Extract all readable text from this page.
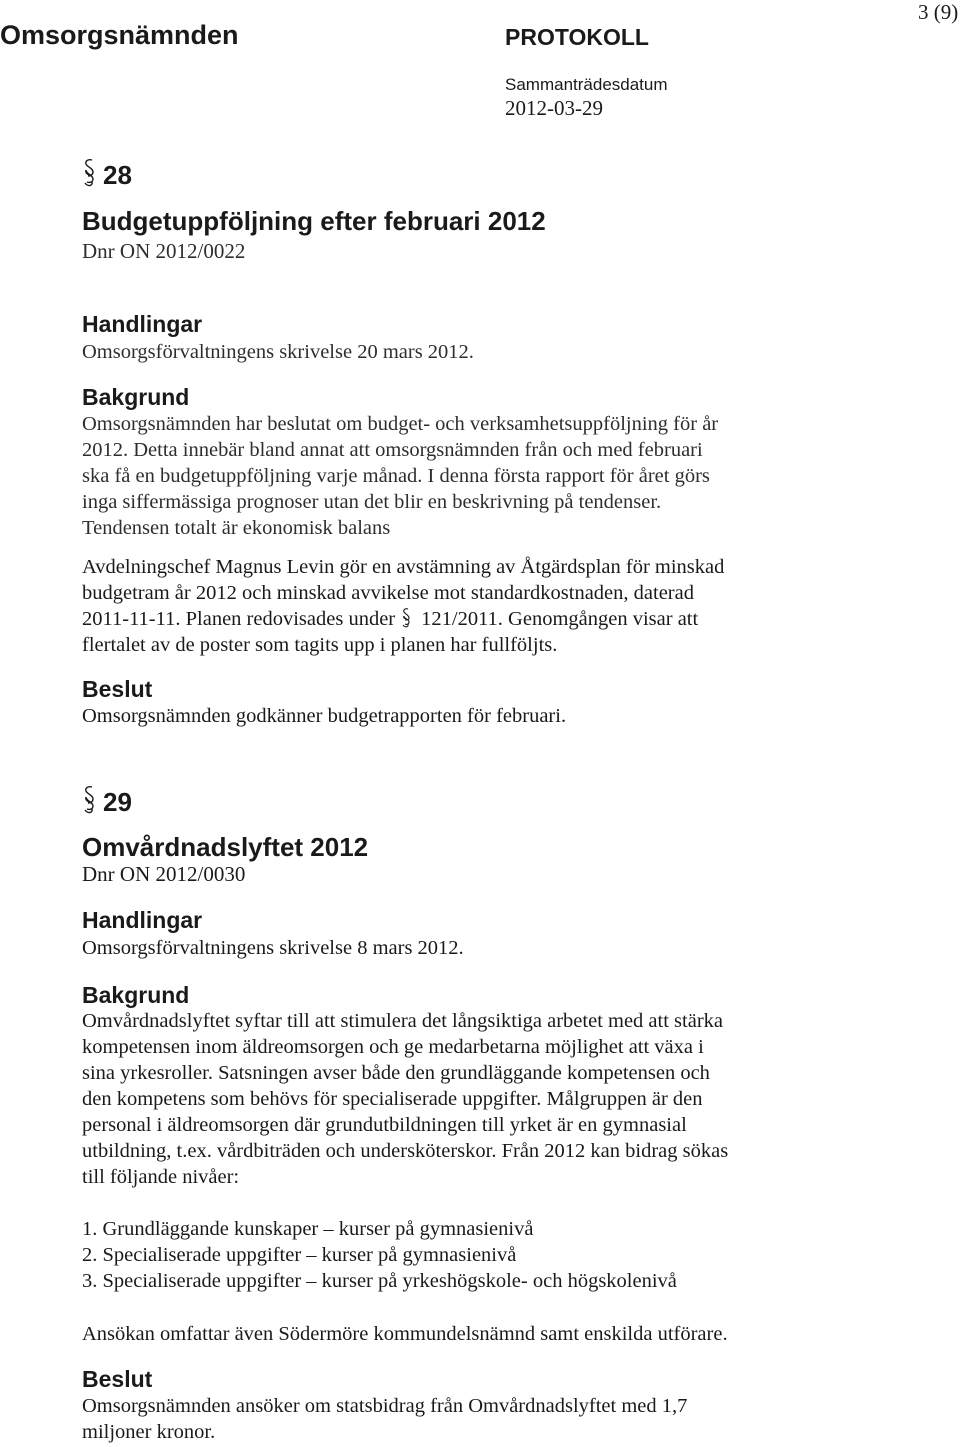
Omsorgsnämnden	PROTOKOLL
3 (9)
Sammanträdesdatum
2012-03-29
28
Budgetuppföljning efter februari 2012
Dnr ON 2012/0022
Handlingar
Omsorgsförvaltningens skrivelse 20 mars 2012.
Bakgrund
Omsorgsnämnden har beslutat om budget- och verksamhetsuppföljning för år
2012. Detta innebär bland annat att omsorgsnämnden från och med februari
ska få en budgetuppföljning varje månad. I denna första rapport för året görs
inga siffermässiga prognoser utan det blir en beskrivning på tendenser.
Tendensen totalt är ekonomisk balans
Avdelningschef Magnus Levin gör en avstämning av Åtgärdsplan för minskad
budgetram år 2012 och minskad avvikelse mot standardkostnaden, daterad
2011-11-11. Planen redovisades under 121/2011. Genomgången visar att
flertalet av de poster som tagits upp i planen har fullföljts.
Beslut
Omsorgsnämnden godkänner budgetrapporten för februari.
29
Omvårdnadslyftet 2012
Dnr ON 2012/0030
Handlingar
Omsorgsförvaltningens skrivelse 8 mars 2012.
Bakgrund
Omvårdnadslyftet syftar till att stimulera det långsiktiga arbetet med att stärka
kompetensen inom äldreomsorgen och ge medarbetarna möjlighet att växa i
sina yrkesroller. Satsningen avser både den grundläggande kompetensen och
den kompetens som behövs för specialiserade uppgifter. Målgruppen är den
personal i äldreomsorgen där grundutbildningen till yrket är en gymnasial
utbildning, t.ex. vårdbiträden och undersköterskor. Från 2012 kan bidrag sökas
till följande nivåer:
1. Grundläggande kunskaper – kurser på gymnasienivå
2. Specialiserade uppgifter – kurser på gymnasienivå
3. Specialiserade uppgifter – kurser på yrkeshögskole- och högskolenivå
Ansökan omfattar även Södermöre kommundelsnämnd samt enskilda utförare.
Beslut
Omsorgsnämnden ansöker om statsbidrag från Omvårdnadslyftet med 1,7
miljoner kronor.
